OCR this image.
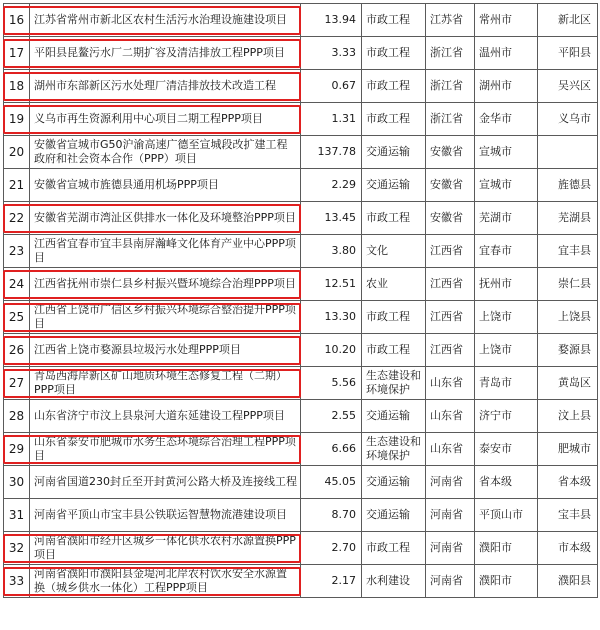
16	江苏省常州市新北区农村生活污水治理设施建设项目	13.94	市政工程	江苏省	常州市	新北区
17	平阳县昆鳌污水厂二期扩容及清洁排放工程PPP项目	3.33	市政工程	浙江省	温州市	平阳县
18	湖州市东部新区污水处理厂清洁排放技术改造工程	0.67	市政工程	浙江省	湖州市	吴兴区
19	义乌市再生资源利用中心项目二期工程PPP项目	1.31	市政工程	浙江省	金华市	义乌市
20	安徽省宣城市G50沪渝高速广德至宣城段改扩建工程政府和社会资本合作（PPP）项目	137.78	交通运输	安徽省	宣城市	
21	安徽省宣城市旌德县通用机场PPP项目	2.29	交通运输	安徽省	宣城市	旌德县
22	安徽省芜湖市湾沚区供排水一体化及环境整治PPP项目	13.45	市政工程	安徽省	芜湖市	芜湖县
23	江西省宜春市宜丰县南屏瀚峰文化体育产业中心PPP项目	3.80	文化	江西省	宜春市	宜丰县
24	江西省抚州市崇仁县乡村振兴暨环境综合治理PPP项目	12.51	农业	江西省	抚州市	崇仁县
25	江西省上饶市广信区乡村振兴环境综合整治提升PPP项目	13.30	市政工程	江西省	上饶市	上饶县
26	江西省上饶市婺源县垃圾污水处理PPP项目	10.20	市政工程	江西省	上饶市	婺源县
27	青岛西海岸新区矿山地质环境生态修复工程（二期）PPP项目	5.56	生态建设和环境保护	山东省	青岛市	黄岛区
28	山东省济宁市汶上县泉河大道东延建设工程PPP项目	2.55	交通运输	山东省	济宁市	汶上县
29	山东省泰安市肥城市水务生态环境综合治理工程PPP项目	6.66	生态建设和环境保护	山东省	泰安市	肥城市
30	河南省国道230封丘至开封黄河公路大桥及连接线工程	45.05	交通运输	河南省	省本级	省本级
31	河南省平顶山市宝丰县公铁联运智慧物流港建设项目	8.70	交通运输	河南省	平顶山市	宝丰县
32	河南省濮阳市经开区城乡一体化供水农村水源置换PPP项目	2.70	市政工程	河南省	濮阳市	市本级
33	河南省濮阳市濮阳县金堤河北岸农村饮水安全水源置换（城乡供水一体化）工程PPP项目	2.17	水利建设	河南省	濮阳市	濮阳县
